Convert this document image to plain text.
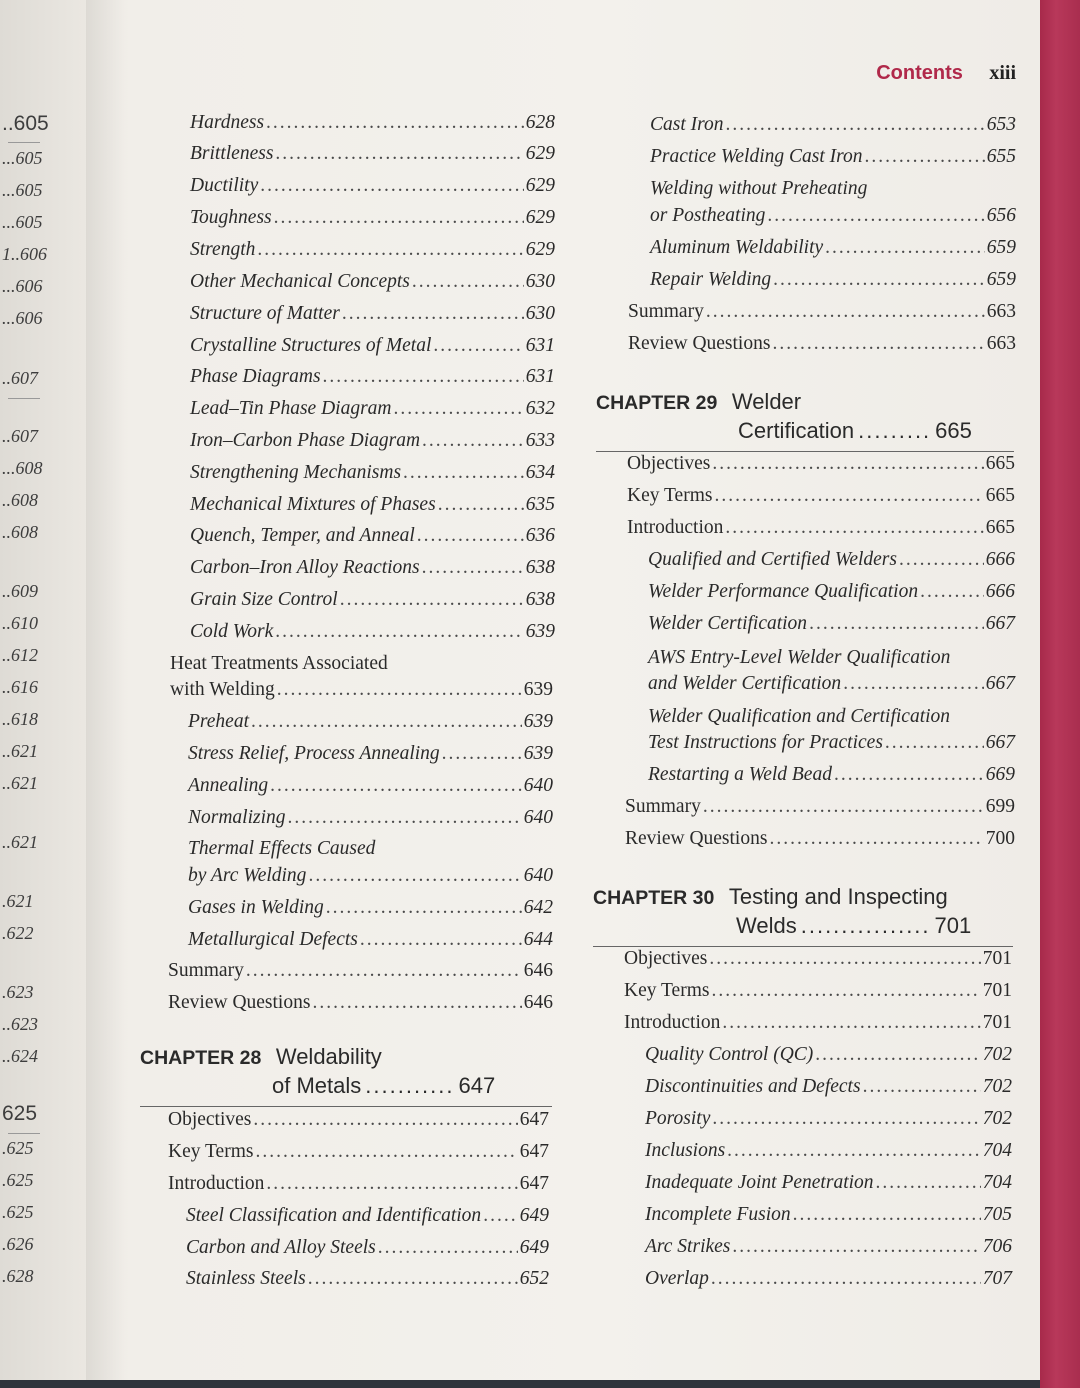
Contents xiii
..605
...605
...605
...605
1..606
...606
...606
..607
..607
...608
..608
..608
..609
..610
..612
..616
..618
..621
..621
..621
.621
.622
.623
..623
..624
625
.625
.625
.625
.626
.628
Hardness .....	628
Brittleness .....	629
Ductility .....	629
Toughness .....	629
Strength .....	629
Other Mechanical Concepts .....	630
Structure of Matter .....	630
Crystalline Structures of Metal .....	631
Phase Diagrams .....	631
Lead–Tin Phase Diagram .....	632
Iron–Carbon Phase Diagram .....	633
Strengthening Mechanisms .....	634
Mechanical Mixtures of Phases .....	635
Quench, Temper, and Anneal .....	636
Carbon–Iron Alloy Reactions .....	638
Grain Size Control .....	638
Cold Work .....	639
Heat Treatments Associated
with Welding .....	639
Preheat .....	639
Stress Relief, Process Annealing .....	639
Annealing .....	640
Normalizing .....	640
Thermal Effects Caused
by Arc Welding .....	640
Gases in Welding .....	642
Metallurgical Defects .....	644
Summary .....	646
Review Questions .....	646
CHAPTER 28 Weldability
of Metals ........... 647
Objectives .....	647
Key Terms .....	647
Introduction .....	647
Steel Classification and Identification ..... 649
Carbon and Alloy Steels .....	649
Stainless Steels .....	652
Cast Iron .....	653
Practice Welding Cast Iron .....	655
Welding without Preheating
or Postheating .....	656
Aluminum Weldability .....	659
Repair Welding .....	659
Summary .....	663
Review Questions .....	663
CHAPTER 29 Welder
Certification ......... 665
Objectives .....	665
Key Terms .....	665
Introduction .....	665
Qualified and Certified Welders .....	666
Welder Performance Qualification .....	666
Welder Certification .....	667
AWS Entry-Level Welder Qualification
and Welder Certification .....	667
Welder Qualification and Certification
Test Instructions for Practices .....	667
Restarting a Weld Bead .....	669
Summary .....	699
Review Questions .....	700
CHAPTER 30 Testing and Inspecting
Welds ................ 701
Objectives .....	701
Key Terms .....	701
Introduction .....	701
Quality Control (QC) .....	702
Discontinuities and Defects .....	702
Porosity .....	702
Inclusions .....	704
Inadequate Joint Penetration .....	704
Incomplete Fusion .....	705
Arc Strikes .....	706
Overlap .....	707
